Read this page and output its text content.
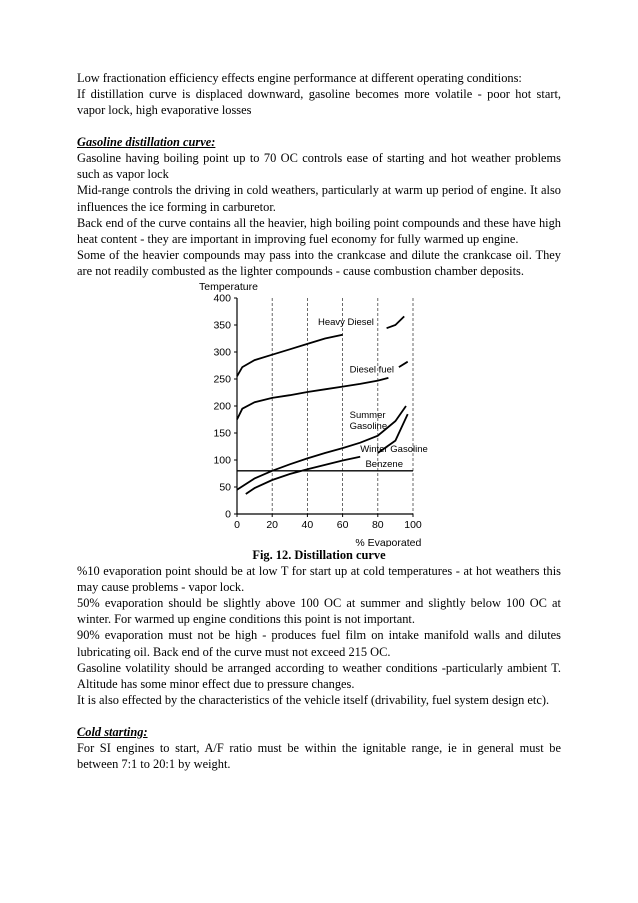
Low fractionation efficiency effects engine performance at different operating conditions:

If distillation curve is displaced downward, gasoline becomes more volatile - poor hot start, vapor lock, high evaporative losses

Gasoline distillation curve:

Gasoline having boiling point up to 70 OC controls ease of starting and hot weather problems such as vapor lock

Mid-range controls the driving in cold weathers, particularly at warm up period of engine. It also influences the ice forming in carburetor.

Back end of the curve contains all the heavier, high boiling point compounds and these have high heat content - they are important in improving fuel economy for fully warmed up engine.

Some of the heavier compounds may pass into the crankcase and dilute the crankcase oil. They are not readily combusted as the lighter compounds - cause combustion chamber deposits.

0
50
100
150
200
250
300
350
400
0	20 40 60 80 100
Temperature
% Evaporated
Heavy Diesel
Diesel fuel
Summer Gasoline
Winter Gasoline
Benzene

Fig. 12. Distillation curve

%10 evaporation point should be at low T for start up at cold temperatures - at hot weathers this may cause problems - vapor lock.

50% evaporation should be slightly above 100 OC at summer and slightly below 100 OC at winter. For warmed up engine conditions this point is not important.

90% evaporation must not be high - produces fuel film on intake manifold walls and dilutes lubricating oil. Back end of the curve must not exceed 215 OC.

Gasoline volatility should be arranged according to weather conditions -particularly ambient T. Altitude has some minor effect due to pressure changes.

It is also effected by the characteristics of the vehicle itself (drivability, fuel system design etc).

Cold starting:

For SI engines to start, A/F ratio must be within the ignitable range, ie in general must be between 7:1 to 20:1 by weight.
